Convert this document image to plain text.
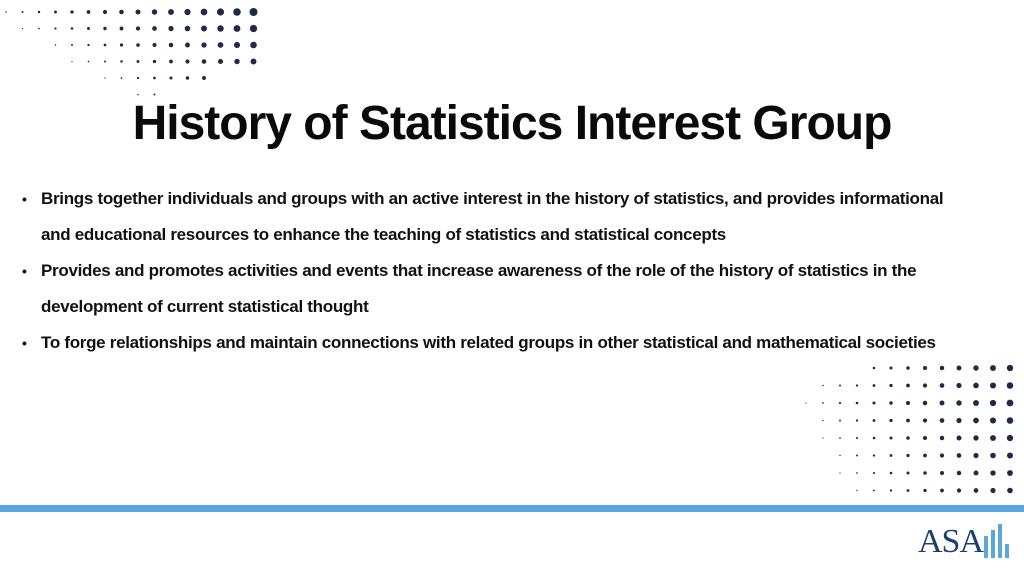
History of Statistics Interest Group
• Brings together individuals and groups with an active interest in the history of statistics, and provides informational and educational resources to enhance the teaching of statistics and statistical concepts
• Provides and promotes activities and events that increase awareness of the role of the history of statistics in the development of current statistical thought
• To forge relationships and maintain connections with related groups in other statistical and mathematical societies
ASA
